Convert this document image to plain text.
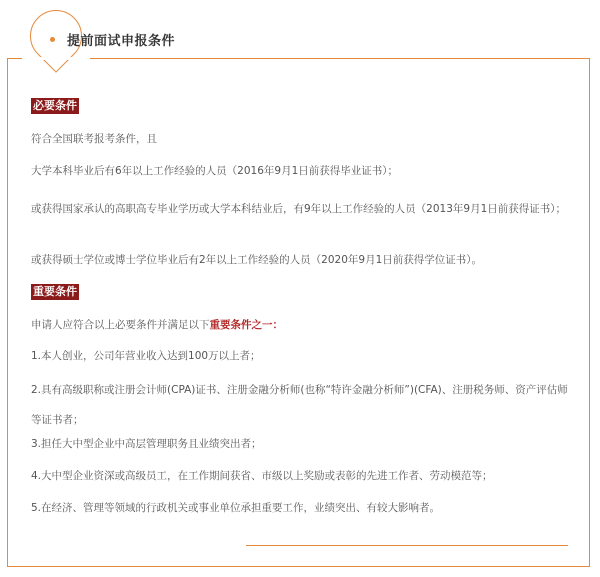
提前面试申报条件
必要条件
符合全国联考报考条件，且
大学本科毕业后有6年以上工作经验的人员（2016年9月1日前获得毕业证书）；
或获得国家承认的高职高专毕业学历或大学本科结业后，有9年以上工作经验的人员（2013年9月1日前获得证书）；
或获得硕士学位或博士学位毕业后有2年以上工作经验的人员（2020年9月1日前获得学位证书）。
重要条件
申请人应符合以上必要条件并满足以下重要条件之一：
1.本人创业，公司年营业收入达到100万以上者；
2.具有高级职称或注册会计师(CPA)证书、注册金融分析师(也称“特许金融分析师”)(CFA)、注册税务师、资产评估师等证书者；
3.担任大中型企业中高层管理职务且业绩突出者；
4.大中型企业资深或高级员工，在工作期间获省、市级以上奖励或表彰的先进工作者、劳动模范等；
5.在经济、管理等领域的行政机关或事业单位承担重要工作，业绩突出、有较大影响者。
